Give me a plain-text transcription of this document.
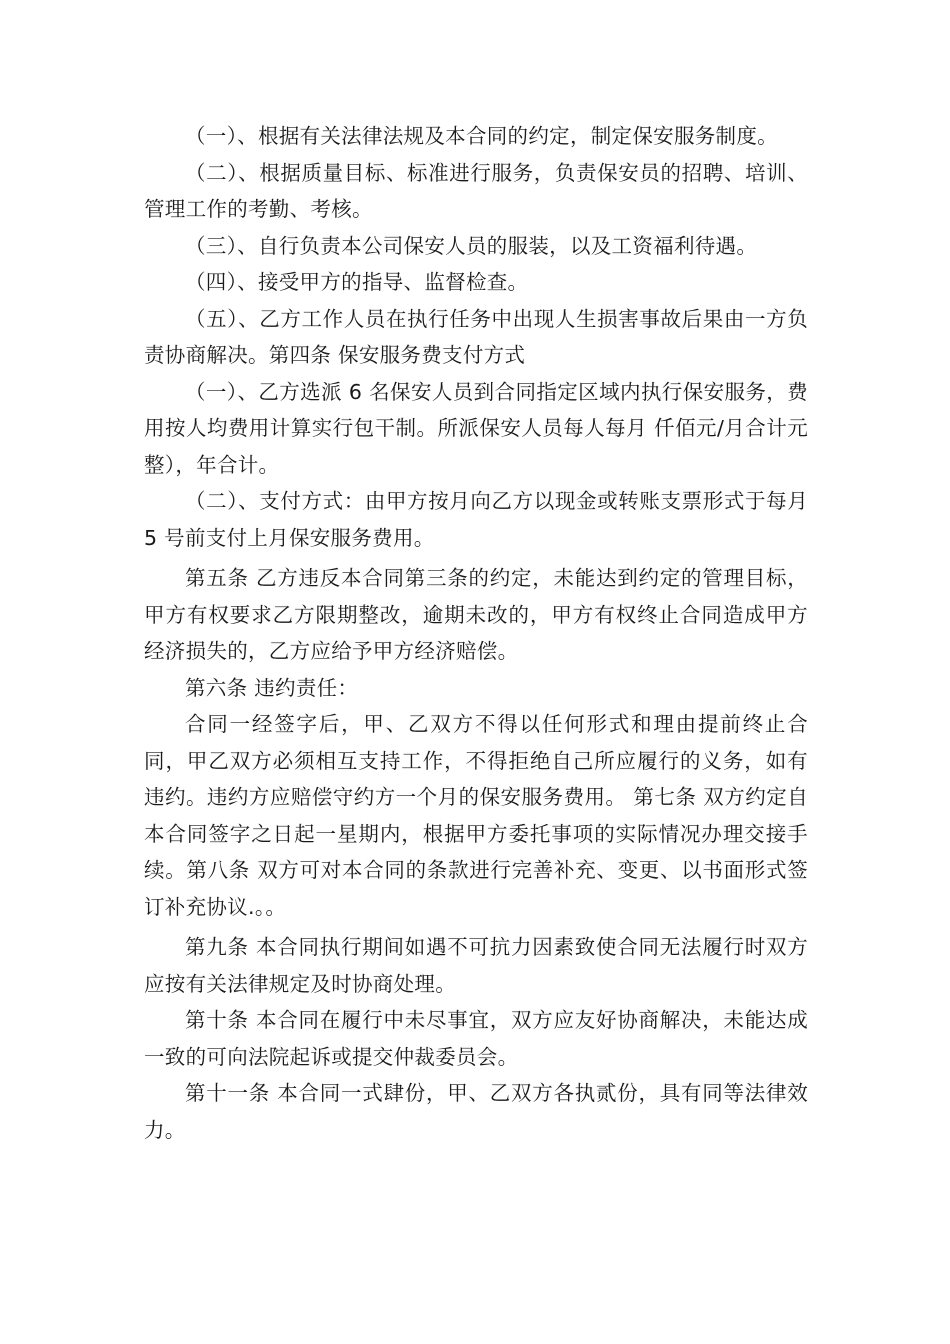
（一）、根据有关法律法规及本合同的约定，制定保安服务制度。

（二）、根据质量目标、标准进行服务，负责保安员的招聘、培训、管理工作的考勤、考核。

（三）、自行负责本公司保安人员的服装，以及工资福利待遇。

（四）、接受甲方的指导、监督检查。

（五）、乙方工作人员在执行任务中出现人生损害事故后果由一方负责协商解决。第四条 保安服务费支付方式

（一）、乙方选派 6 名保安人员到合同指定区域内执行保安服务，费用按人均费用计算实行包干制。所派保安人员每人每月 仟佰元/月合计元整），年合计。

（二）、支付方式：由甲方按月向乙方以现金或转账支票形式于每月 5 号前支付上月保安服务费用。

第五条 乙方违反本合同第三条的约定，未能达到约定的管理目标，甲方有权要求乙方限期整改，逾期未改的，甲方有权终止合同造成甲方经济损失的，乙方应给予甲方经济赔偿。

第六条 违约责任：

合同一经签字后，甲、乙双方不得以任何形式和理由提前终止合同，甲乙双方必须相互支持工作，不得拒绝自己所应履行的义务，如有违约。违约方应赔偿守约方一个月的保安服务费用。 第七条 双方约定自本合同签字之日起一星期内，根据甲方委托事项的实际情况办理交接手续。第八条 双方可对本合同的条款进行完善补充、变更、以书面形式签订补充协议.。。

第九条 本合同执行期间如遇不可抗力因素致使合同无法履行时双方应按有关法律规定及时协商处理。

第十条 本合同在履行中未尽事宜，双方应友好协商解决，未能达成一致的可向法院起诉或提交仲裁委员会。

第十一条 本合同一式肆份，甲、乙双方各执贰份，具有同等法律效力。
